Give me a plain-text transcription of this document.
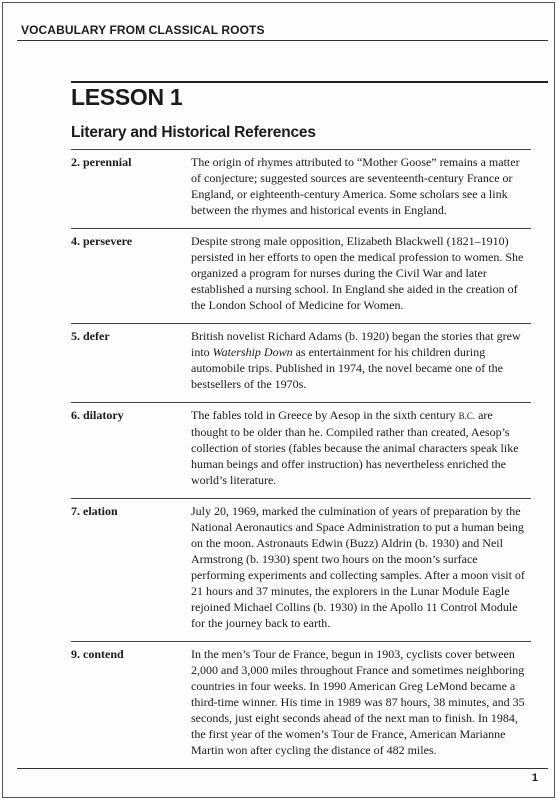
VOCABULARY FROM CLASSICAL ROOTS
LESSON 1
Literary and Historical References
2. perennial	The origin of rhymes attributed to “Mother Goose” remains a matter of conjecture; suggested sources are seventeenth-century France or England, or eighteenth-century America. Some scholars see a link between the rhymes and historical events in England.
4. persevere	Despite strong male opposition, Elizabeth Blackwell (1821–1910) persisted in her efforts to open the medical profession to women. She organized a program for nurses during the Civil War and later established a nursing school. In England she aided in the creation of the London School of Medicine for Women.
5. defer	British novelist Richard Adams (b. 1920) began the stories that grew into Watership Down as entertainment for his children during automobile trips. Published in 1974, the novel became one of the bestsellers of the 1970s.
6. dilatory	The fables told in Greece by Aesop in the sixth century B.C. are thought to be older than he. Compiled rather than created, Aesop’s collection of stories (fables because the animal characters speak like human beings and offer instruction) has nevertheless enriched the world’s literature.
7. elation	July 20, 1969, marked the culmination of years of preparation by the National Aeronautics and Space Administration to put a human being on the moon. Astronauts Edwin (Buzz) Aldrin (b. 1930) and Neil Armstrong (b. 1930) spent two hours on the moon’s surface performing experiments and collecting samples. After a moon visit of 21 hours and 37 minutes, the explorers in the Lunar Module Eagle rejoined Michael Collins (b. 1930) in the Apollo 11 Control Module for the journey back to earth.
9. contend	In the men’s Tour de France, begun in 1903, cyclists cover between 2,000 and 3,000 miles throughout France and sometimes neighboring countries in four weeks. In 1990 American Greg LeMond became a third-time winner. His time in 1989 was 87 hours, 38 minutes, and 35 seconds, just eight seconds ahead of the next man to finish. In 1984, the first year of the women’s Tour de France, American Marianne Martin won after cycling the distance of 482 miles.
1
